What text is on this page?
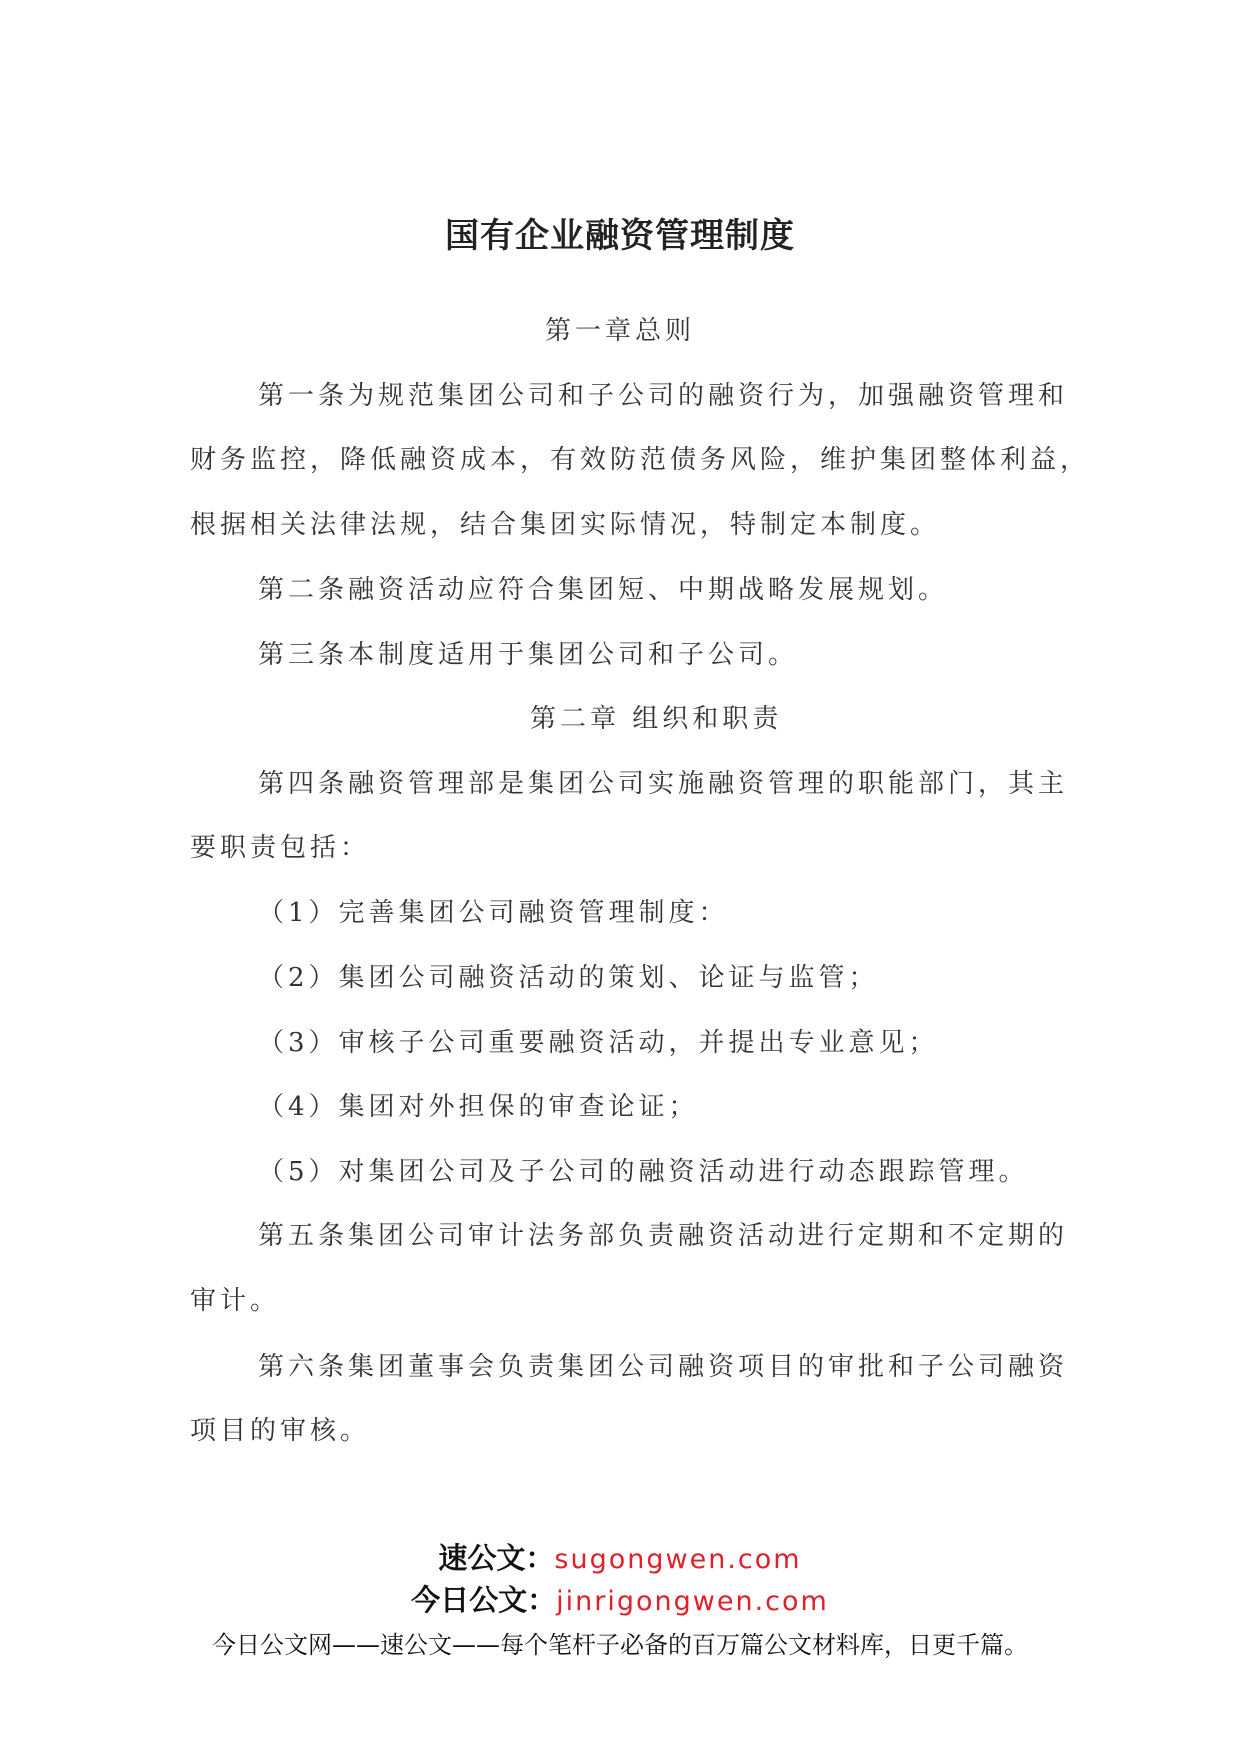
国有企业融资管理制度
第一章总则
第一条为规范集团公司和子公司的融资行为，加强融资管理和
财务监控，降低融资成本，有效防范债务风险，维护集团整体利益，
根据相关法律法规，结合集团实际情况，特制定本制度。
第二条融资活动应符合集团短、中期战略发展规划。
第三条本制度适用于集团公司和子公司。
第二章 组织和职责
第四条融资管理部是集团公司实施融资管理的职能部门，其主
要职责包括：
（1）完善集团公司融资管理制度：
（2）集团公司融资活动的策划、论证与监管；
（3）审核子公司重要融资活动，并提出专业意见；
（4）集团对外担保的审查论证；
（5）对集团公司及子公司的融资活动进行动态跟踪管理。
第五条集团公司审计法务部负责融资活动进行定期和不定期的
审计。
第六条集团董事会负责集团公司融资项目的审批和子公司融资
项目的审核。
速公文：sugongwen.com
今日公文：jinrigongwen.com
今日公文网——速公文——每个笔杆子必备的百万篇公文材料库，日更千篇。
